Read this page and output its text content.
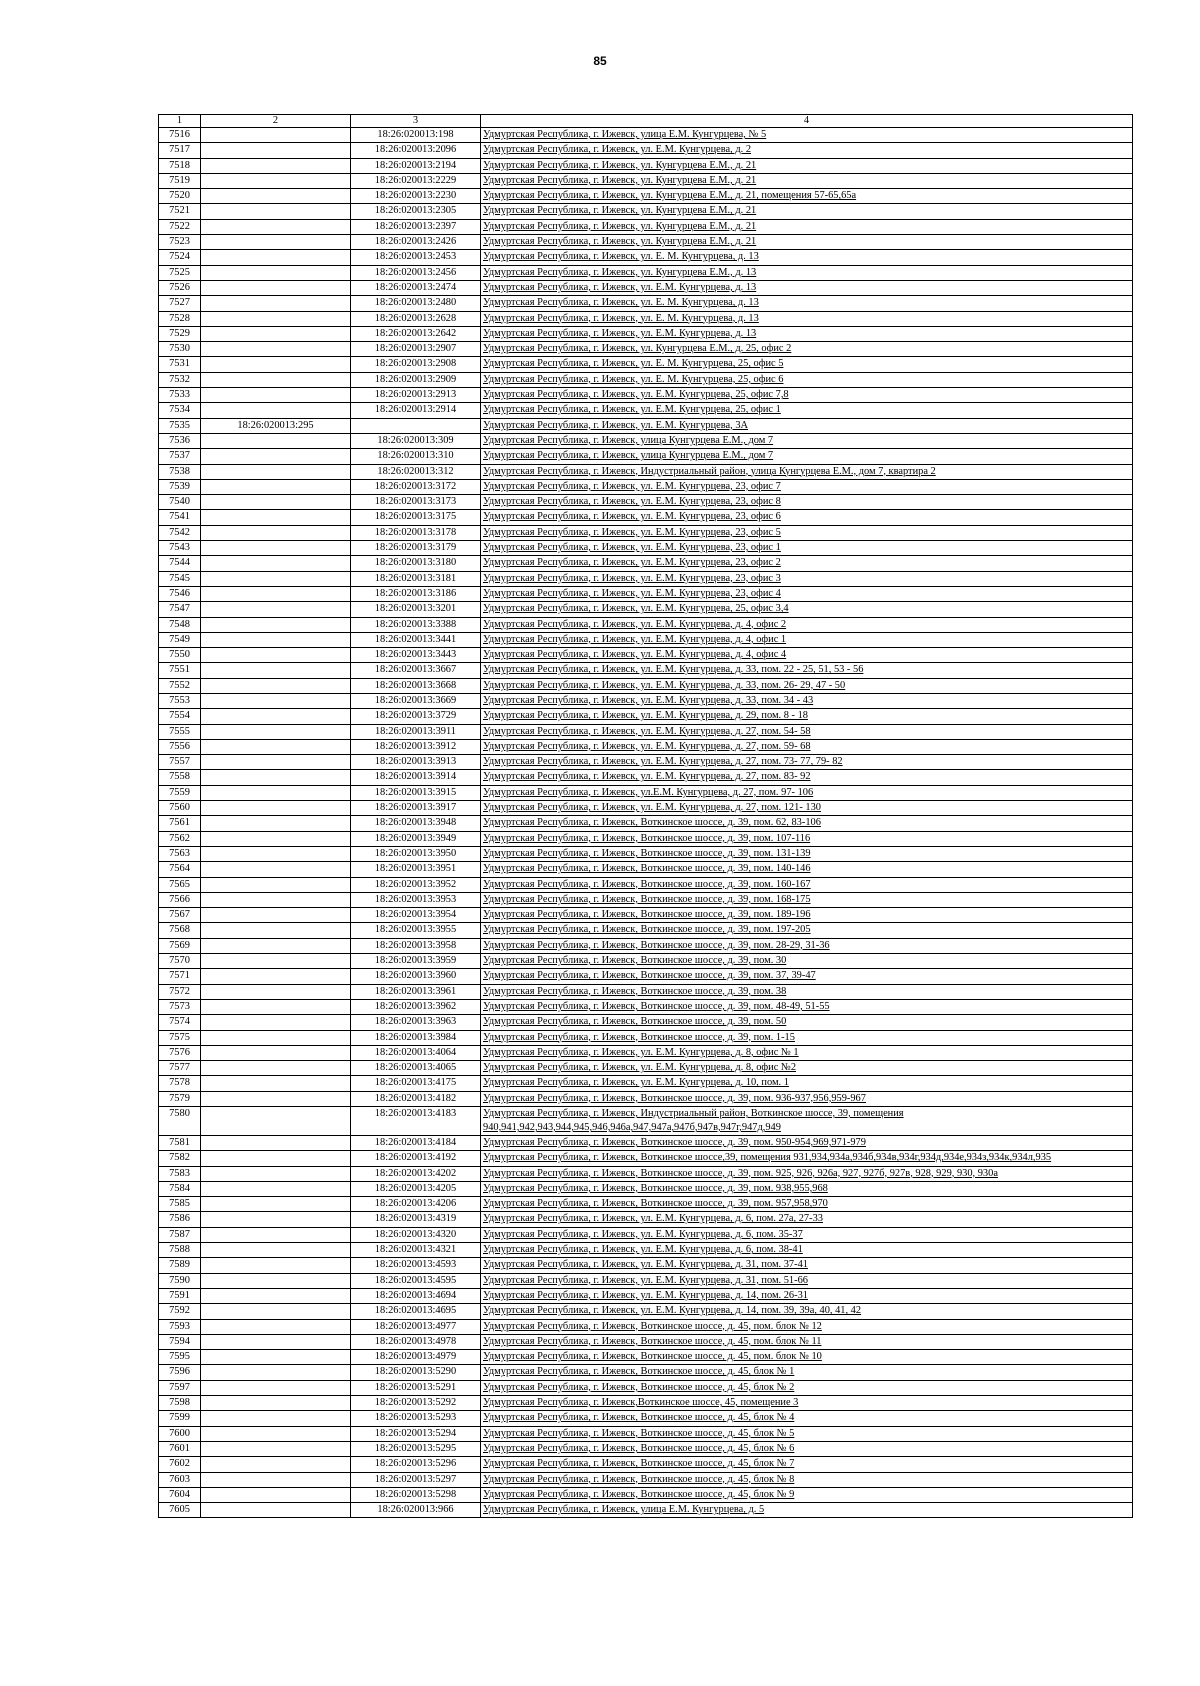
85
1	2	3	4
7516		18:26:020013:198	Удмуртская Республика, г. Ижевск, улица Е.М. Кунгурцева, № 5
7517		18:26:020013:2096	Удмуртская Республика, г. Ижевск, ул. Е.М. Кунгурцева, д. 2
7518		18:26:020013:2194	Удмуртская Республика, г. Ижевск, ул. Кунгурцева Е.М., д. 21
7519		18:26:020013:2229	Удмуртская Республика, г. Ижевск, ул. Кунгурцева Е.М., д. 21
7520		18:26:020013:2230	Удмуртская Республика, г. Ижевск, ул. Кунгурцева Е.М., д. 21, помещения 57-65,65а
7521		18:26:020013:2305	Удмуртская Республика, г. Ижевск, ул. Кунгурцева Е.М., д. 21
7522		18:26:020013:2397	Удмуртская Республика, г. Ижевск, ул. Кунгурцева Е.М., д. 21
7523		18:26:020013:2426	Удмуртская Республика, г. Ижевск, ул. Кунгурцева Е.М., д. 21
7524		18:26:020013:2453	Удмуртская Республика, г. Ижевск, ул. Е. М. Кунгурцева, д. 13
7525		18:26:020013:2456	Удмуртская Республика, г. Ижевск, ул. Кунгурцева Е.М., д. 13
7526		18:26:020013:2474	Удмуртская Республика, г. Ижевск, ул. Е.М. Кунгурцева, д. 13
7527		18:26:020013:2480	Удмуртская Республика, г. Ижевск, ул. Е. М. Кунгурцева, д. 13
7528		18:26:020013:2628	Удмуртская Республика, г. Ижевск, ул. Е. М. Кунгурцева, д. 13
7529		18:26:020013:2642	Удмуртская Республика, г. Ижевск, ул. Е.М. Кунгурцева, д. 13
7530		18:26:020013:2907	Удмуртская Республика, г. Ижевск, ул. Кунгурцева Е.М., д. 25, офис 2
7531		18:26:020013:2908	Удмуртская Республика, г. Ижевск, ул. Е. М. Кунгурцева, 25, офис 5
7532		18:26:020013:2909	Удмуртская Республика, г. Ижевск, ул. Е. М. Кунгурцева, 25, офис 6
7533		18:26:020013:2913	Удмуртская Республика, г. Ижевск, ул. Е.М. Кунгурцева, 25, офис 7,8
7534		18:26:020013:2914	Удмуртская Республика, г. Ижевск, ул. Е.М. Кунгурцева, 25, офис 1
7535	18:26:020013:295		Удмуртская Республика, г. Ижевск, ул. Е.М. Кунгурцева, 3А
7536		18:26:020013:309	Удмуртская Республика, г. Ижевск, улица Кунгурцева Е.М., дом 7
7537		18:26:020013:310	Удмуртская Республика, г. Ижевск, улица Кунгурцева Е.М., дом 7
7538		18:26:020013:312	Удмуртская Республика, г. Ижевск, Индустриальный район, улица Кунгурцева Е.М., дом 7, квартира 2
7539		18:26:020013:3172	Удмуртская Республика, г. Ижевск, ул. Е.М. Кунгурцева, 23, офис 7
7540		18:26:020013:3173	Удмуртская Республика, г. Ижевск, ул. Е.М. Кунгурцева, 23, офис 8
7541		18:26:020013:3175	Удмуртская Республика, г. Ижевск, ул. Е.М. Кунгурцева, 23, офис 6
7542		18:26:020013:3178	Удмуртская Республика, г. Ижевск, ул. Е.М. Кунгурцева, 23, офис 5
7543		18:26:020013:3179	Удмуртская Республика, г. Ижевск, ул. Е.М. Кунгурцева, 23, офис 1
7544		18:26:020013:3180	Удмуртская Республика, г. Ижевск, ул. Е.М. Кунгурцева, 23, офис 2
7545		18:26:020013:3181	Удмуртская Республика, г. Ижевск, ул. Е.М. Кунгурцева, 23, офис 3
7546		18:26:020013:3186	Удмуртская Республика, г. Ижевск, ул. Е.М. Кунгурцева, 23, офис 4
7547		18:26:020013:3201	Удмуртская Республика, г. Ижевск, ул. Е.М. Кунгурцева, 25, офис 3,4
7548		18:26:020013:3388	Удмуртская Республика, г. Ижевск, ул. Е.М. Кунгурцева, д. 4, офис 2
7549		18:26:020013:3441	Удмуртская Республика, г. Ижевск, ул. Е.М. Кунгурцева, д. 4, офис 1
7550		18:26:020013:3443	Удмуртская Республика, г. Ижевск, ул. Е.М. Кунгурцева, д. 4, офис 4
7551		18:26:020013:3667	Удмуртская Республика, г. Ижевск, ул. Е.М. Кунгурцева, д. 33, пом. 22 - 25, 51, 53 - 56
7552		18:26:020013:3668	Удмуртская Республика, г. Ижевск, ул. Е.М. Кунгурцева, д. 33, пом. 26- 29, 47 - 50
7553		18:26:020013:3669	Удмуртская Республика, г. Ижевск, ул. Е.М. Кунгурцева, д. 33, пом. 34 - 43
7554		18:26:020013:3729	Удмуртская Республика, г. Ижевск, ул. Е.М. Кунгурцева, д. 29, пом. 8 - 18
7555		18:26:020013:3911	Удмуртская Республика, г. Ижевск, ул. Е.М. Кунгурцева, д. 27, пом. 54- 58
7556		18:26:020013:3912	Удмуртская Республика, г. Ижевск, ул. Е.М. Кунгурцева, д. 27, пом. 59- 68
7557		18:26:020013:3913	Удмуртская Республика, г. Ижевск, ул. Е.М. Кунгурцева, д. 27, пом. 73- 77, 79- 82
7558		18:26:020013:3914	Удмуртская Республика, г. Ижевск, ул. Е.М. Кунгурцева, д. 27, пом. 83- 92
7559		18:26:020013:3915	Удмуртская Республика, г. Ижевск, ул.Е.М. Кунгурцева, д. 27, пом. 97- 106
7560		18:26:020013:3917	Удмуртская Республика, г. Ижевск, ул. Е.М. Кунгурцева, д. 27, пом. 121- 130
7561		18:26:020013:3948	Удмуртская Республика, г. Ижевск, Воткинское шоссе, д. 39, пом. 62, 83-106
7562		18:26:020013:3949	Удмуртская Республика, г. Ижевск, Воткинское шоссе, д. 39, пом. 107-116
7563		18:26:020013:3950	Удмуртская Республика, г. Ижевск, Воткинское шоссе, д. 39, пом. 131-139
7564		18:26:020013:3951	Удмуртская Республика, г. Ижевск, Воткинское шоссе, д. 39, пом. 140-146
7565		18:26:020013:3952	Удмуртская Республика, г. Ижевск, Воткинское шоссе, д. 39, пом. 160-167
7566		18:26:020013:3953	Удмуртская Республика, г. Ижевск, Воткинское шоссе, д. 39, пом. 168-175
7567		18:26:020013:3954	Удмуртская Республика, г. Ижевск, Воткинское шоссе, д. 39, пом. 189-196
7568		18:26:020013:3955	Удмуртская Республика, г. Ижевск, Воткинское шоссе, д. 39, пом. 197-205
7569		18:26:020013:3958	Удмуртская Республика, г. Ижевск, Воткинское шоссе, д. 39, пом. 28-29, 31-36
7570		18:26:020013:3959	Удмуртская Республика, г. Ижевск, Воткинское шоссе, д. 39, пом. 30
7571		18:26:020013:3960	Удмуртская Республика, г. Ижевск, Воткинское шоссе, д. 39, пом. 37, 39-47
7572		18:26:020013:3961	Удмуртская Республика, г. Ижевск, Воткинское шоссе, д. 39, пом. 38
7573		18:26:020013:3962	Удмуртская Республика, г. Ижевск, Воткинское шоссе, д. 39, пом. 48-49, 51-55
7574		18:26:020013:3963	Удмуртская Республика, г. Ижевск, Воткинское шоссе, д. 39, пом. 50
7575		18:26:020013:3984	Удмуртская Республика, г. Ижевск, Воткинское шоссе, д. 39, пом. 1-15
7576		18:26:020013:4064	Удмуртская Республика, г. Ижевск, ул. Е.М. Кунгурцева, д. 8, офис № 1
7577		18:26:020013:4065	Удмуртская Республика, г. Ижевск, ул. Е.М. Кунгурцева, д. 8, офис №2
7578		18:26:020013:4175	Удмуртская Республика, г. Ижевск, ул. Е.М. Кунгурцева, д. 10, пом. 1
7579		18:26:020013:4182	Удмуртская Республика, г. Ижевск, Воткинское шоссе, д. 39, пом. 936-937,956,959-967
7580		18:26:020013:4183	Удмуртская Республика, г. Ижевск, Индустриальный район, Воткинское шоссе, 39, помещения 940,941,942,943,944,945,946,946а,947,947а,947б,947в,947г,947д,949
7581		18:26:020013:4184	Удмуртская Республика, г. Ижевск, Воткинское шоссе, д. 39, пом. 950-954,969,971-979
7582		18:26:020013:4192	Удмуртская Республика, г. Ижевск, Воткинское шоссе,39, помещения 931,934,934а,934б,934в,934г,934д,934е,934з,934к,934л,935
7583		18:26:020013:4202	Удмуртская Республика, г. Ижевск, Воткинское шоссе, д. 39, пом. 925, 926, 926а, 927, 927б, 927в, 928, 929, 930, 930а
7584		18:26:020013:4205	Удмуртская Республика, г. Ижевск, Воткинское шоссе, д. 39, пом. 938,955,968
7585		18:26:020013:4206	Удмуртская Республика, г. Ижевск, Воткинское шоссе, д. 39, пом. 957,958,970
7586		18:26:020013:4319	Удмуртская Республика, г. Ижевск, ул. Е.М. Кунгурцева, д. 6, пом. 27а, 27-33
7587		18:26:020013:4320	Удмуртская Республика, г. Ижевск, ул. Е.М. Кунгурцева, д. 6, пом. 35-37
7588		18:26:020013:4321	Удмуртская Республика, г. Ижевск, ул. Е.М. Кунгурцева, д. 6, пом. 38-41
7589		18:26:020013:4593	Удмуртская Республика, г. Ижевск, ул. Е.М. Кунгурцева, д. 31, пом. 37-41
7590		18:26:020013:4595	Удмуртская Республика, г. Ижевск, ул. Е.М. Кунгурцева, д. 31, пом. 51-66
7591		18:26:020013:4694	Удмуртская Республика, г. Ижевск, ул. Е.М. Кунгурцева, д. 14, пом. 26-31
7592		18:26:020013:4695	Удмуртская Республика, г. Ижевск, ул. Е.М. Кунгурцева, д. 14, пом. 39, 39а, 40, 41, 42
7593		18:26:020013:4977	Удмуртская Республика, г. Ижевск, Воткинское шоссе, д. 45, пом. блок № 12
7594		18:26:020013:4978	Удмуртская Республика, г. Ижевск, Воткинское шоссе, д. 45, пом. блок № 11
7595		18:26:020013:4979	Удмуртская Республика, г. Ижевск, Воткинское шоссе, д. 45, пом. блок № 10
7596		18:26:020013:5290	Удмуртская Республика, г. Ижевск, Воткинское шоссе, д. 45, блок № 1
7597		18:26:020013:5291	Удмуртская Республика, г. Ижевск, Воткинское шоссе, д. 45, блок № 2
7598		18:26:020013:5292	Удмуртская Республика, г. Ижевск,Воткинское шоссе, 45, помещение 3
7599		18:26:020013:5293	Удмуртская Республика, г. Ижевск, Воткинское шоссе, д. 45, блок № 4
7600		18:26:020013:5294	Удмуртская Республика, г. Ижевск, Воткинское шоссе, д. 45, блок № 5
7601		18:26:020013:5295	Удмуртская Республика, г. Ижевск, Воткинское шоссе, д. 45, блок № 6
7602		18:26:020013:5296	Удмуртская Республика, г. Ижевск, Воткинское шоссе, д. 45, блок № 7
7603		18:26:020013:5297	Удмуртская Республика, г. Ижевск, Воткинское шоссе, д. 45, блок № 8
7604		18:26:020013:5298	Удмуртская Республика, г. Ижевск, Воткинское шоссе, д. 45, блок № 9
7605		18:26:020013:966	Удмуртская Республика, г. Ижевск, улица Е.М. Кунгурцева, д. 5
